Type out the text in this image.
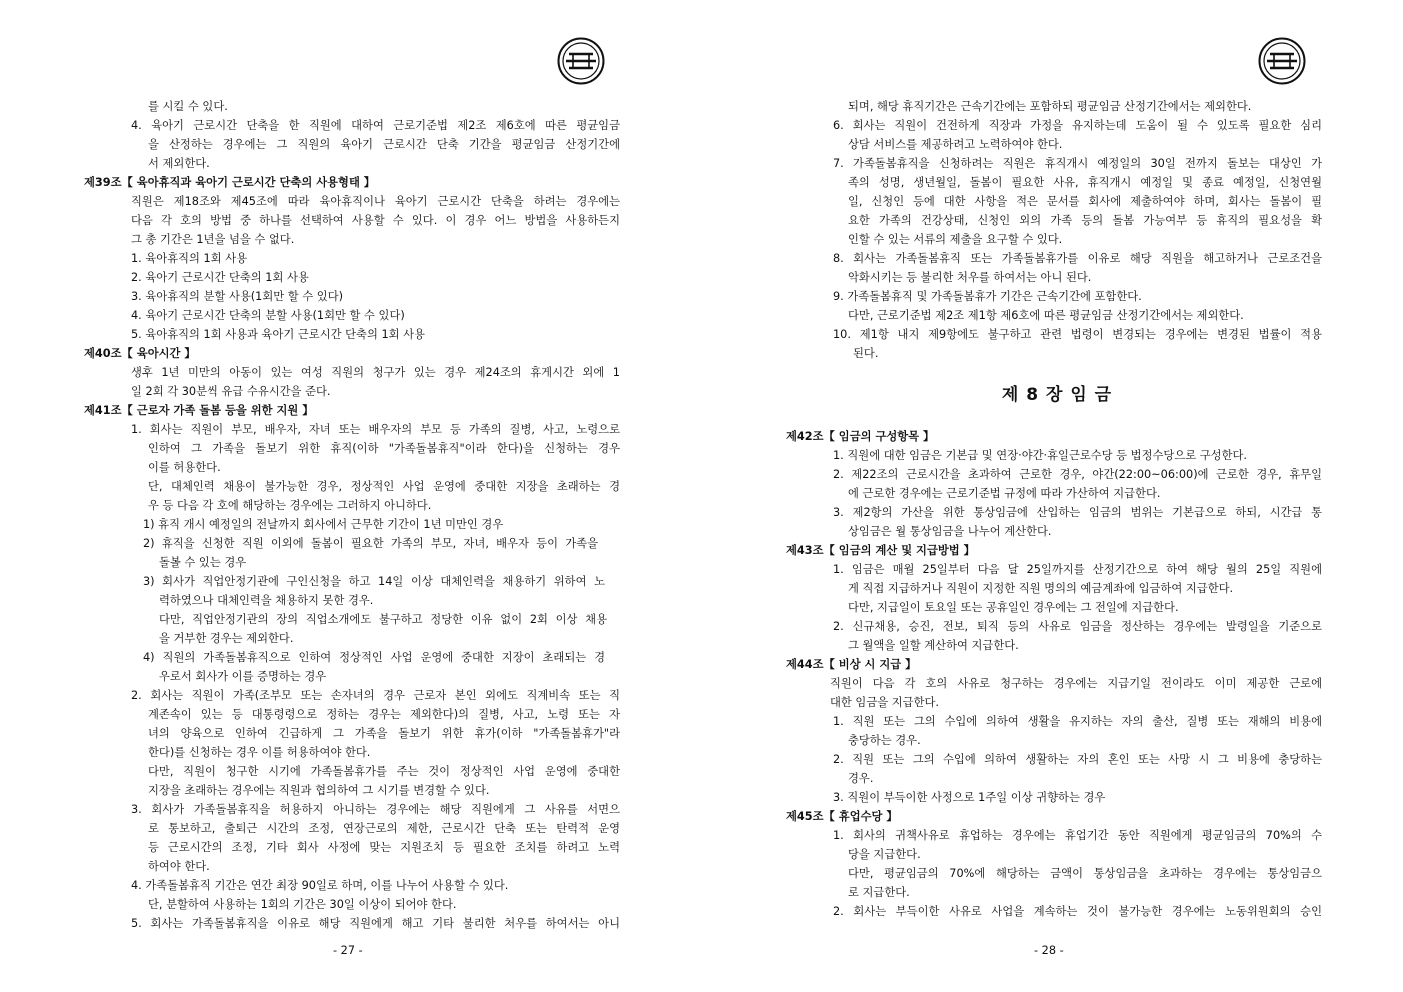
를 시킬 수 있다.
4. 육아기 근로시간 단축을 한 직원에 대하여 근로기준법 제2조 제6호에 따른 평균임금
을 산정하는 경우에는 그 직원의 육아기 근로시간 단축 기간을 평균임금 산정기간에
서 제외한다.
제39조【 육아휴직과 육아기 근로시간 단축의 사용형태 】
직원은 제18조와 제45조에 따라 육아휴직이나 육아기 근로시간 단축을 하려는 경우에는
다음 각 호의 방법 중 하나를 선택하여 사용할 수 있다. 이 경우 어느 방법을 사용하든지
그 총 기간은 1년을 넘을 수 없다.
1. 육아휴직의 1회 사용
2. 육아기 근로시간 단축의 1회 사용
3. 육아휴직의 분할 사용(1회만 할 수 있다)
4. 육아기 근로시간 단축의 분할 사용(1회만 할 수 있다)
5. 육아휴직의 1회 사용과 육아기 근로시간 단축의 1회 사용
제40조【 육아시간 】
생후 1년 미만의 아동이 있는 여성 직원의 청구가 있는 경우 제24조의 휴게시간 외에 1
일 2회 각 30분씩 유급 수유시간을 준다.
제41조【 근로자 가족 돌봄 등을 위한 지원 】
1. 회사는 직원이 부모, 배우자, 자녀 또는 배우자의 부모 등 가족의 질병, 사고, 노령으로
인하여 그 가족을 돌보기 위한 휴직(이하 "가족돌봄휴직"이라 한다)을 신청하는 경우
이를 허용한다.
단, 대체인력 채용이 불가능한 경우, 정상적인 사업 운영에 중대한 지장을 초래하는 경
우 등 다음 각 호에 해당하는 경우에는 그러하지 아니하다.
1) 휴직 개시 예정일의 전날까지 회사에서 근무한 기간이 1년 미만인 경우
2) 휴직을 신청한 직원 이외에 돌봄이 필요한 가족의 부모, 자녀, 배우자 등이 가족을
돌볼 수 있는 경우
3) 회사가 직업안정기관에 구인신청을 하고 14일 이상 대체인력을 채용하기 위하여 노
력하였으나 대체인력을 채용하지 못한 경우.
다만, 직업안정기관의 장의 직업소개에도 불구하고 정당한 이유 없이 2회 이상 채용
을 거부한 경우는 제외한다.
4) 직원의 가족돌봄휴직으로 인하여 정상적인 사업 운영에 중대한 지장이 초래되는 경
우로서 회사가 이를 증명하는 경우
2. 회사는 직원이 가족(조부모 또는 손자녀의 경우 근로자 본인 외에도 직계비속 또는 직
계존속이 있는 등 대통령령으로 정하는 경우는 제외한다)의 질병, 사고, 노령 또는 자
녀의 양육으로 인하여 긴급하게 그 가족을 돌보기 위한 휴가(이하 "가족돌봄휴가"라
한다)를 신청하는 경우 이를 허용하여야 한다.
다만, 직원이 청구한 시기에 가족돌봄휴가를 주는 것이 정상적인 사업 운영에 중대한
지장을 초래하는 경우에는 직원과 협의하여 그 시기를 변경할 수 있다.
3. 회사가 가족돌봄휴직을 허용하지 아니하는 경우에는 해당 직원에게 그 사유를 서면으
로 통보하고, 출퇴근 시간의 조정, 연장근로의 제한, 근로시간 단축 또는 탄력적 운영
등 근로시간의 조정, 기타 회사 사정에 맞는 지원조치 등 필요한 조치를 하려고 노력
하여야 한다.
4. 가족돌봄휴직 기간은 연간 최장 90일로 하며, 이를 나누어 사용할 수 있다.
단, 분할하여 사용하는 1회의 기간은 30일 이상이 되어야 한다.
5. 회사는 가족돌봄휴직을 이유로 해당 직원에게 해고 기타 불리한 처우를 하여서는 아니
- 27 -
되며, 해당 휴직기간은 근속기간에는 포함하되 평균임금 산정기간에서는 제외한다.
6. 회사는 직원이 건전하게 직장과 가정을 유지하는데 도움이 될 수 있도록 필요한 심리
상담 서비스를 제공하려고 노력하여야 한다.
7. 가족돌봄휴직을 신청하려는 직원은 휴직개시 예정일의 30일 전까지 돌보는 대상인 가
족의 성명, 생년월일, 돌봄이 필요한 사유, 휴직개시 예정일 및 종료 예정일, 신청연월
일, 신청인 등에 대한 사항을 적은 문서를 회사에 제출하여야 하며, 회사는 돌봄이 필
요한 가족의 건강상태, 신청인 외의 가족 등의 돌봄 가능여부 등 휴직의 필요성을 확
인할 수 있는 서류의 제출을 요구할 수 있다.
8. 회사는 가족돌봄휴직 또는 가족돌봄휴가를 이유로 해당 직원을 해고하거나 근로조건을
악화시키는 등 불리한 처우를 하여서는 아니 된다.
9. 가족돌봄휴직 및 가족돌봄휴가 기간은 근속기간에 포함한다.
다만, 근로기준법 제2조 제1항 제6호에 따른 평균임금 산정기간에서는 제외한다.
10. 제1항 내지 제9항에도 불구하고 관련 법령이 변경되는 경우에는 변경된 법률이 적용
된다.
제42조【 임금의 구성항목 】
1. 직원에 대한 임금은 기본급 및 연장·야간·휴일근로수당 등 법정수당으로 구성한다.
2. 제22조의 근로시간을 초과하여 근로한 경우, 야간(22:00~06:00)에 근로한 경우, 휴무일
에 근로한 경우에는 근로기준법 규정에 따라 가산하여 지급한다.
3. 제2항의 가산을 위한 통상임금에 산입하는 임금의 범위는 기본급으로 하되, 시간급 통
상임금은 월 통상임금을 나누어 계산한다.
제43조【 임금의 계산 및 지급방법 】
1. 임금은 매월 25일부터 다음 달 25일까지를 산정기간으로 하여 해당 월의 25일 직원에
게 직접 지급하거나 직원이 지정한 직원 명의의 예금계좌에 입금하여 지급한다.
다만, 지급일이 토요일 또는 공휴일인 경우에는 그 전일에 지급한다.
2. 신규채용, 승진, 전보, 퇴직 등의 사유로 임금을 정산하는 경우에는 발령일을 기준으로
그 월액을 일할 계산하여 지급한다.
제44조【 비상 시 지급 】
직원이 다음 각 호의 사유로 청구하는 경우에는 지급기일 전이라도 이미 제공한 근로에
대한 임금을 지급한다.
1. 직원 또는 그의 수입에 의하여 생활을 유지하는 자의 출산, 질병 또는 재해의 비용에
충당하는 경우.
2. 직원 또는 그의 수입에 의하여 생활하는 자의 혼인 또는 사망 시 그 비용에 충당하는
경우.
3. 직원이 부득이한 사정으로 1주일 이상 귀향하는 경우
제45조【 휴업수당 】
1. 회사의 귀책사유로 휴업하는 경우에는 휴업기간 동안 직원에게 평균임금의 70%의 수
당을 지급한다.
다만, 평균임금의 70%에 해당하는 금액이 통상임금을 초과하는 경우에는 통상임금으
로 지급한다.
2. 회사는 부득이한 사유로 사업을 계속하는 것이 불가능한 경우에는 노동위원회의 승인
제 8 장 임 금
- 28 -
